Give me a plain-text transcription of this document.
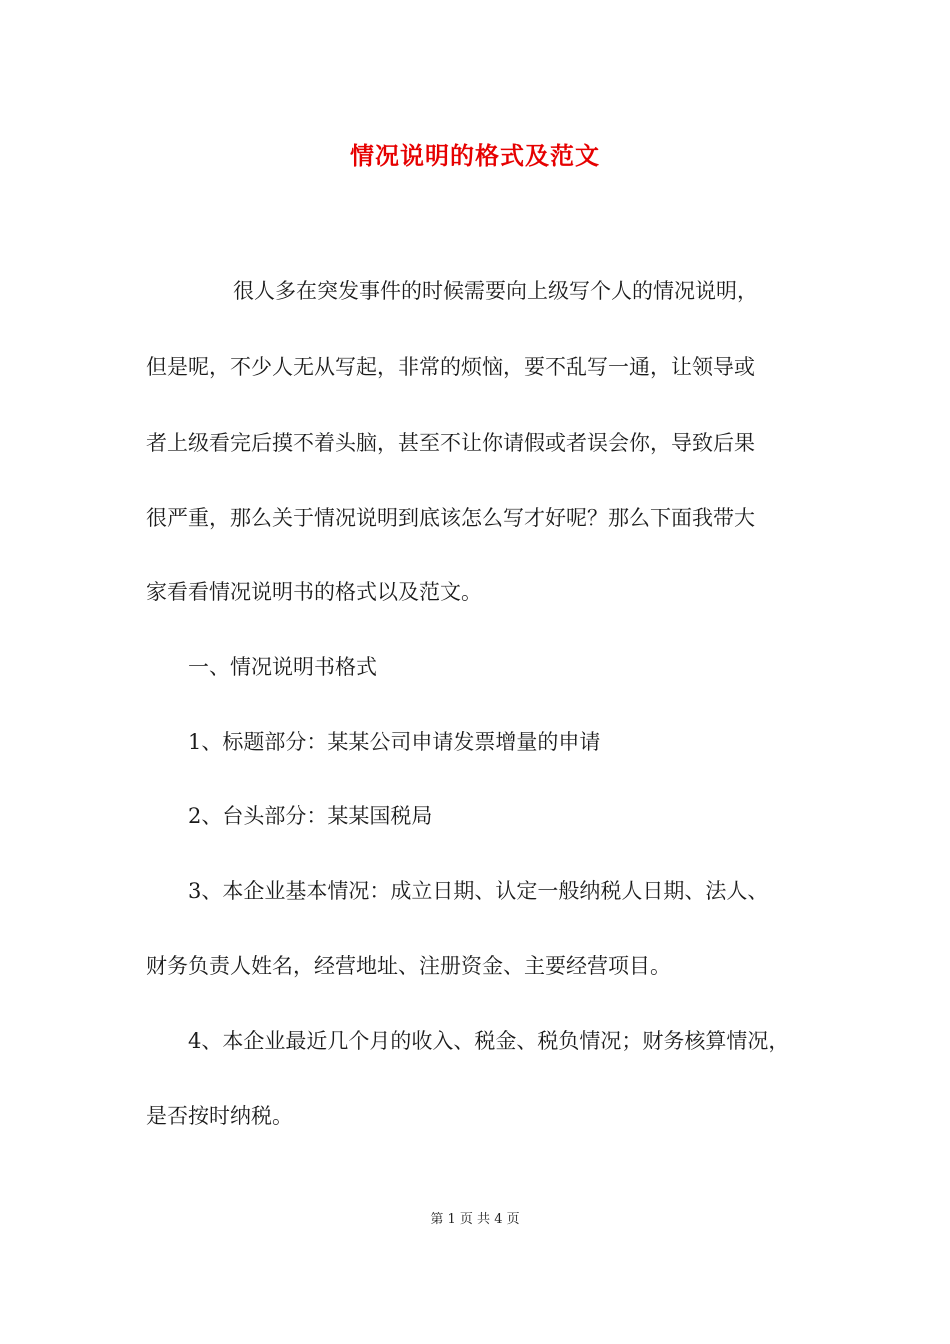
情况说明的格式及范文
很人多在突发事件的时候需要向上级写个人的情况说明，
但是呢，不少人无从写起，非常的烦恼，要不乱写一通，让领导或
者上级看完后摸不着头脑，甚至不让你请假或者误会你，导致后果
很严重，那么关于情况说明到底该怎么写才好呢？那么下面我带大
家看看情况说明书的格式以及范文。
一、情况说明书格式
1、标题部分：某某公司申请发票增量的申请
2、台头部分：某某国税局
3、本企业基本情况：成立日期、认定一般纳税人日期、法人、
财务负责人姓名，经营地址、注册资金、主要经营项目。
4、本企业最近几个月的收入、税金、税负情况；财务核算情况，
是否按时纳税。
第 1 页 共 4 页
